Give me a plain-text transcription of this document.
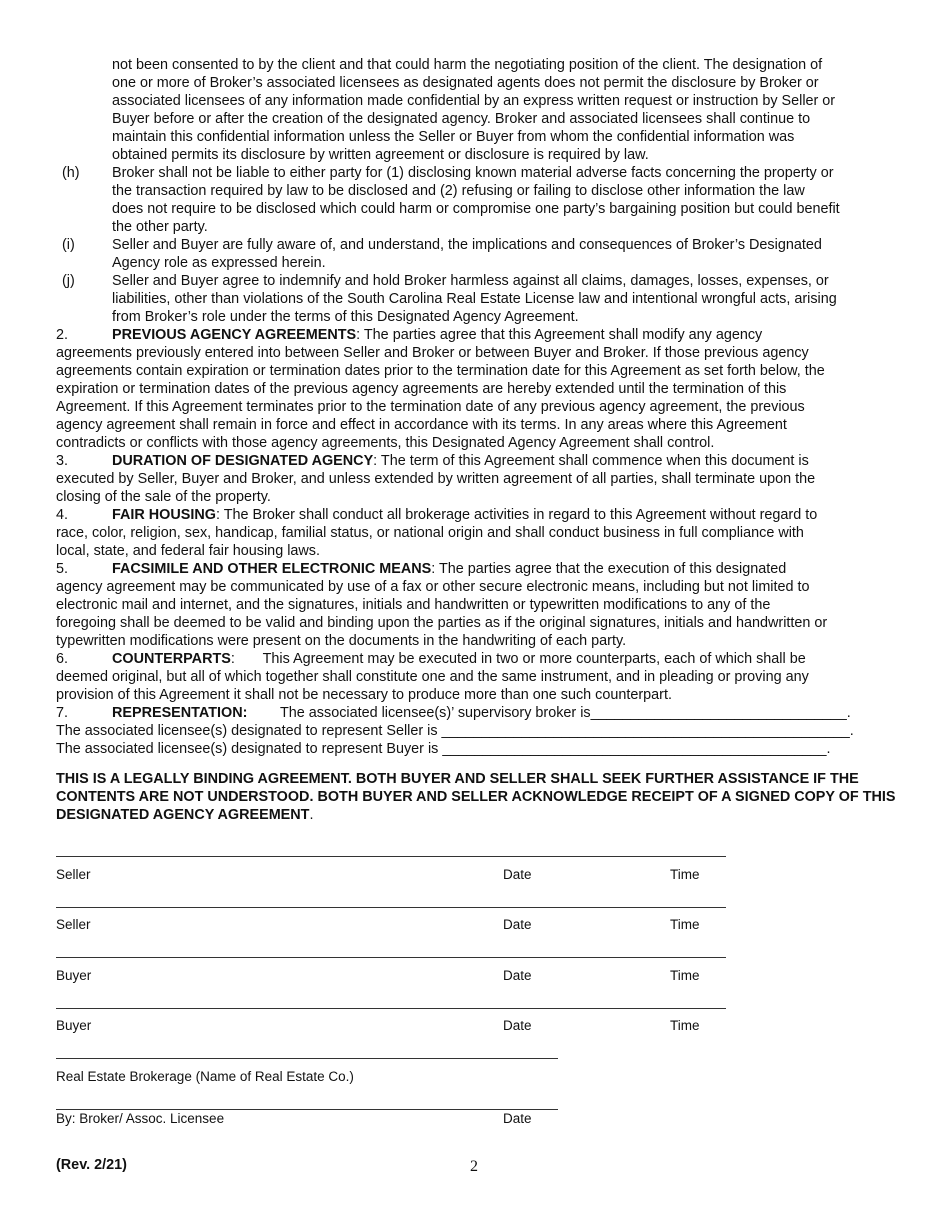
not been consented to by the client and that could harm the negotiating position of the client. The designation of
one or more of Broker’s associated licensees as designated agents does not permit the disclosure by Broker or
associated licensees of any information made confidential by an express written request or instruction by Seller or
Buyer before or after the creation of the designated agency. Broker and associated licensees shall continue to
maintain this confidential information unless the Seller or Buyer from whom the confidential information was
obtained permits its disclosure by written agreement or disclosure is required by law.
(h) Broker shall not be liable to either party for (1) disclosing known material adverse facts concerning the property or
the transaction required by law to be disclosed and (2) refusing or failing to disclose other information the law
does not require to be disclosed which could harm or compromise one party’s bargaining position but could benefit
the other party.
(i)	Seller and Buyer are fully aware of, and understand, the implications and consequences of Broker’s Designated
Agency role as expressed herein.
(j)	Seller and Buyer agree to indemnify and hold Broker harmless against all claims, damages, losses, expenses, or
liabilities, other than violations of the South Carolina Real Estate License law and intentional wrongful acts, arising
from Broker’s role under the terms of this Designated Agency Agreement.
2.	PREVIOUS AGENCY AGREEMENTS: The parties agree that this Agreement shall modify any agency
agreements previously entered into between Seller and Broker or between Buyer and Broker. If those previous agency
agreements contain expiration or termination dates prior to the termination date for this Agreement as set forth below, the
expiration or termination dates of the previous agency agreements are hereby extended until the termination of this
Agreement. If this Agreement terminates prior to the termination date of any previous agency agreement, the previous
agency agreement shall remain in force and effect in accordance with its terms. In any areas where this Agreement
contradicts or conflicts with those agency agreements, this Designated Agency Agreement shall control.
3.	DURATION OF DESIGNATED AGENCY: The term of this Agreement shall commence when this document is
executed by Seller, Buyer and Broker, and unless extended by written agreement of all parties, shall terminate upon the
closing of the sale of the property.
4.	FAIR HOUSING: The Broker shall conduct all brokerage activities in regard to this Agreement without regard to
race, color, religion, sex, handicap, familial status, or national origin and shall conduct business in full compliance with
local, state, and federal fair housing laws.
5.	FACSIMILE AND OTHER ELECTRONIC MEANS: The parties agree that the execution of this designated
agency agreement may be communicated by use of a fax or other secure electronic means, including but not limited to
electronic mail and internet, and the signatures, initials and handwritten or typewritten modifications to any of the
foregoing shall be deemed to be valid and binding upon the parties as if the original signatures, initials and handwritten or
typewritten modifications were present on the documents in the handwriting of each party.
6.	COUNTERPARTS:       This Agreement may be executed in two or more counterparts, each of which shall be
deemed original, but all of which together shall constitute one and the same instrument, and in pleading or proving any
provision of this Agreement it shall not be necessary to produce more than one such counterpart.
7.	REPRESENTATION: The associated licensee(s)’ supervisory broker is________________________________.
The associated licensee(s) designated to represent Seller is ___________________________________________________.
The associated licensee(s) designated to represent Buyer is ________________________________________________.
THIS IS A LEGALLY BINDING AGREEMENT. BOTH BUYER AND SELLER SHALL SEEK FURTHER ASSISTANCE IF THE CONTENTS ARE NOT UNDERSTOOD. BOTH BUYER AND SELLER ACKNOWLEDGE RECEIPT OF A SIGNED COPY OF THIS DESIGNATED AGENCY AGREEMENT.
Seller	Date	Time
Seller	Date	Time
Buyer	Date	Time
Buyer	Date	Time
Real Estate Brokerage (Name of Real Estate Co.)
By: Broker/ Assoc. Licensee	Date
(Rev. 2/21)	2
